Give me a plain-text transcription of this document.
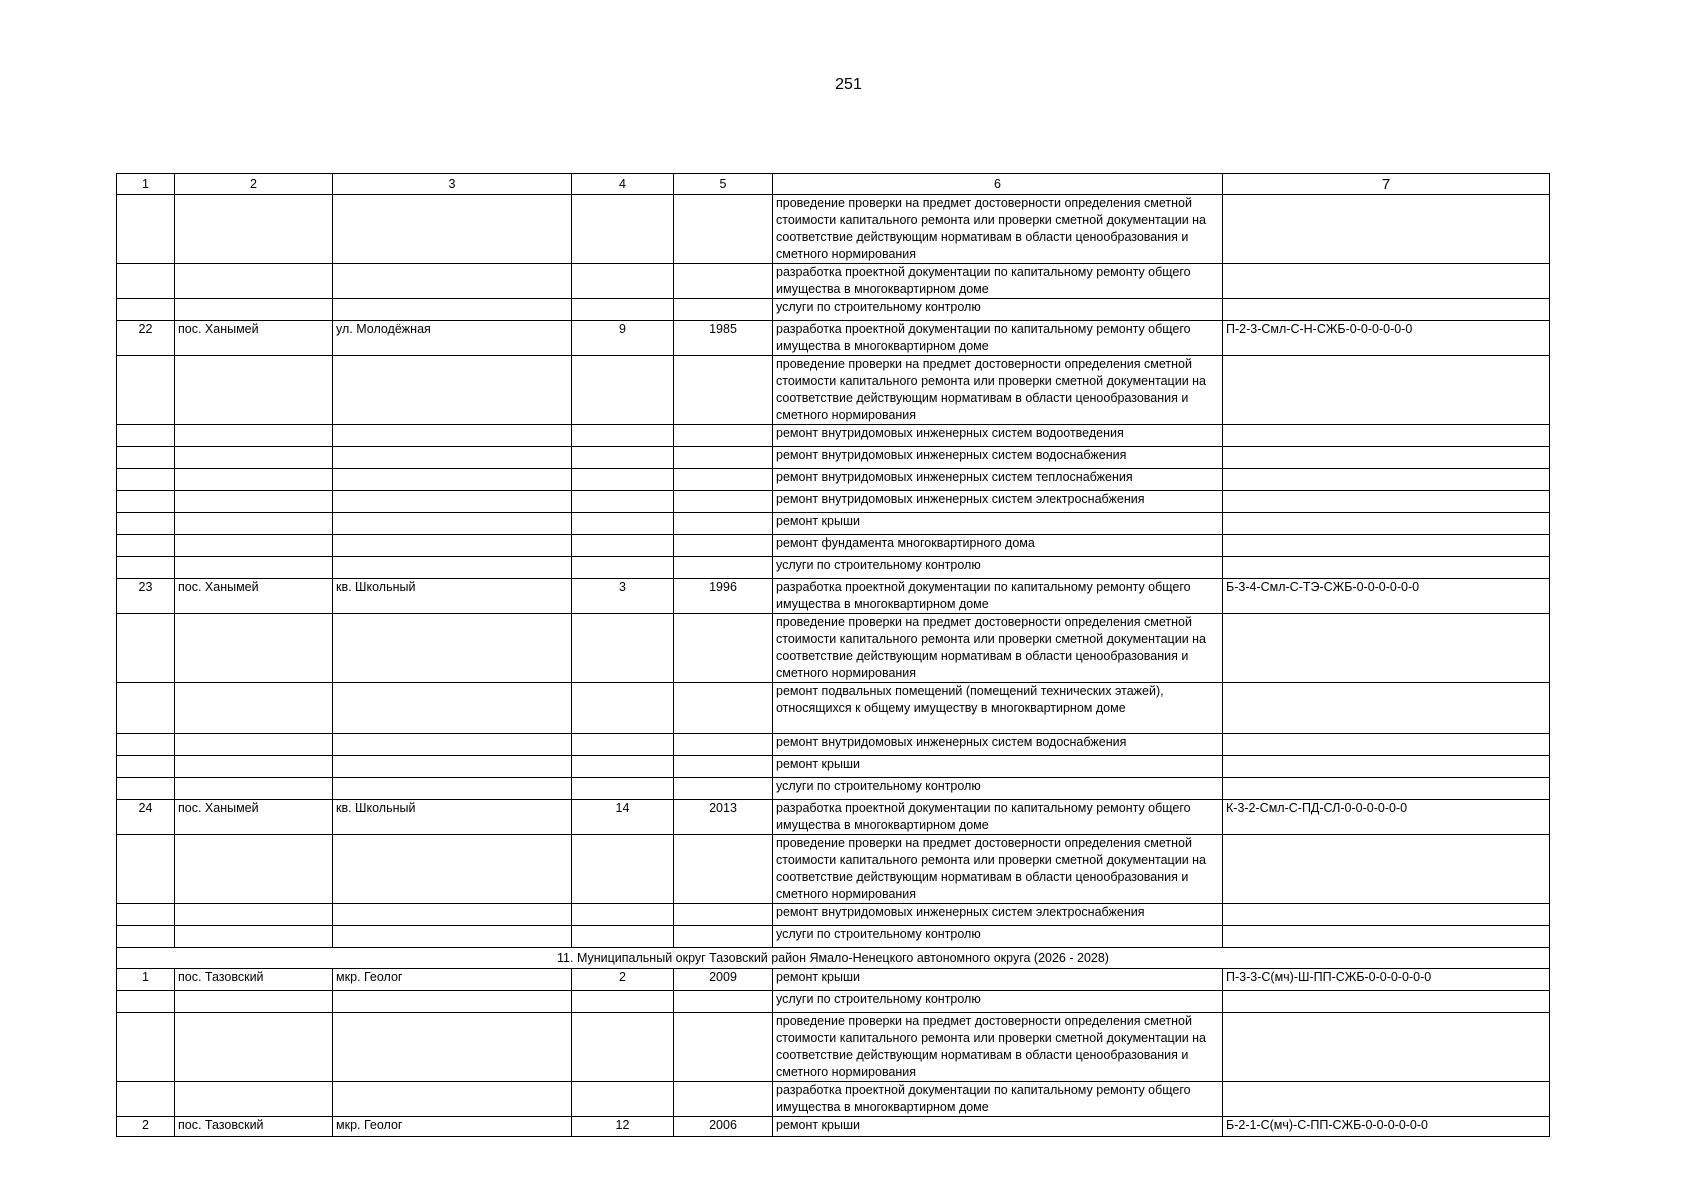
251
1	2	3	4	5	6	7
					проведение проверки на предмет достоверности определения сметной стоимости капитального ремонта или проверки сметной документации на соответствие действующим нормативам в области ценообразования и сметного нормирования	
					разработка проектной документации по капитальному ремонту общего имущества в многоквартирном доме	
					услуги по строительному контролю	
22	пос. Ханымей	ул. Молодёжная	9	1985	разработка проектной документации по капитальному ремонту общего имущества в многоквартирном доме	П-2-3-Смл-С-Н-СЖБ-0-0-0-0-0-0
					проведение проверки на предмет достоверности определения сметной стоимости капитального ремонта или проверки сметной документации на соответствие действующим нормативам в области ценообразования и сметного нормирования	
					ремонт внутридомовых инженерных систем водоотведения	
					ремонт внутридомовых инженерных систем водоснабжения	
					ремонт внутридомовых инженерных систем теплоснабжения	
					ремонт внутридомовых инженерных систем электроснабжения	
					ремонт крыши	
					ремонт фундамента многоквартирного дома	
					услуги по строительному контролю	
23	пос. Ханымей	кв. Школьный	3	1996	разработка проектной документации по капитальному ремонту общего имущества в многоквартирном доме	Б-3-4-Смл-С-ТЭ-СЖБ-0-0-0-0-0-0
					проведение проверки на предмет достоверности определения сметной стоимости капитального ремонта или проверки сметной документации на соответствие действующим нормативам в области ценообразования и сметного нормирования	
					ремонт подвальных помещений (помещений технических этажей), относящихся к общему имуществу в многоквартирном доме	
					ремонт внутридомовых инженерных систем водоснабжения	
					ремонт крыши	
					услуги по строительному контролю	
24	пос. Ханымей	кв. Школьный	14	2013	разработка проектной документации по капитальному ремонту общего имущества в многоквартирном доме	К-3-2-Смл-С-ПД-СЛ-0-0-0-0-0-0
					проведение проверки на предмет достоверности определения сметной стоимости капитального ремонта или проверки сметной документации на соответствие действующим нормативам в области ценообразования и сметного нормирования	
					ремонт внутридомовых инженерных систем электроснабжения	
					услуги по строительному контролю	
11. Муниципальный округ Тазовский район Ямало-Ненецкого автономного округа (2026 - 2028)						
1	пос. Тазовский	мкр. Геолог	2	2009	ремонт крыши	П-3-3-С(мч)-Ш-ПП-СЖБ-0-0-0-0-0-0
					услуги по строительному контролю	
					проведение проверки на предмет достоверности определения сметной стоимости капитального ремонта или проверки сметной документации на соответствие действующим нормативам в области ценообразования и сметного нормирования	
					разработка проектной документации по капитальному ремонту общего имущества в многоквартирном доме	
2	пос. Тазовский	мкр. Геолог	12	2006	ремонт крыши	Б-2-1-С(мч)-С-ПП-СЖБ-0-0-0-0-0-0
